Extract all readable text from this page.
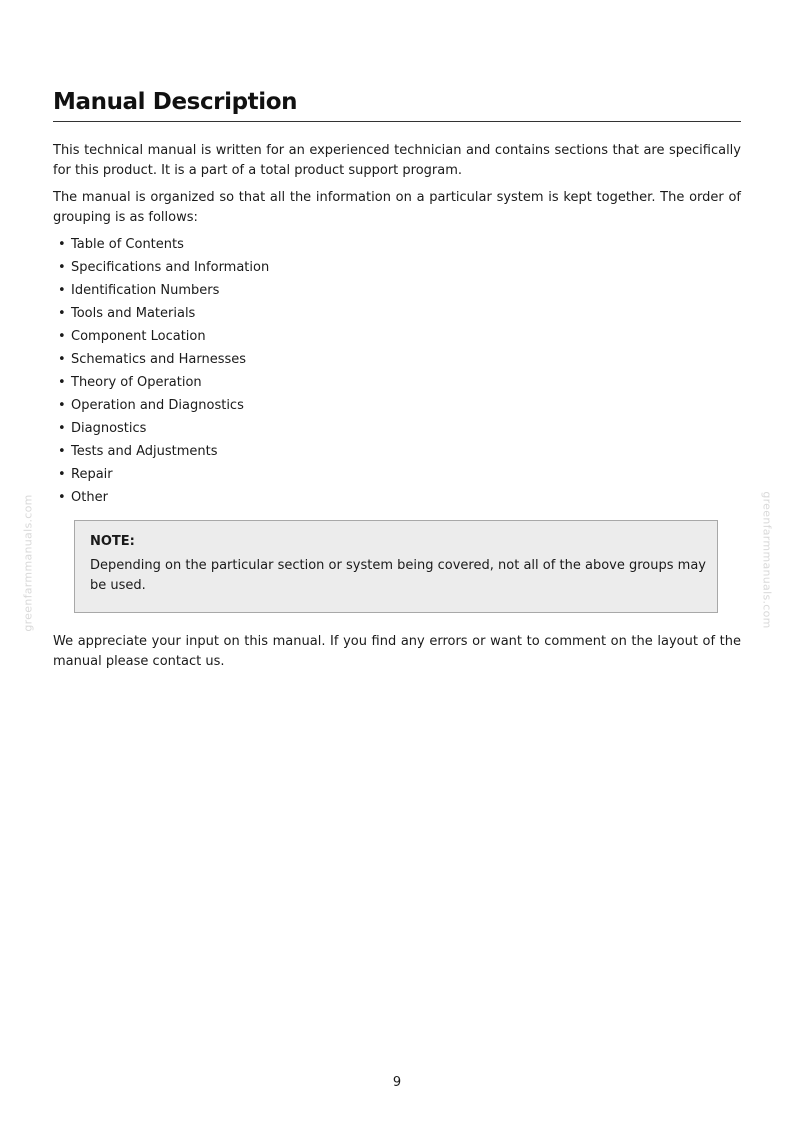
Manual Description

This technical manual is written for an experienced technician and contains sections that are specifically for this product. It is a part of a total product support program.

The manual is organized so that all the information on a particular system is kept together. The order of grouping is as follows:

• Table of Contents
• Specifications and Information
• Identification Numbers
• Tools and Materials
• Component Location
• Schematics and Harnesses
• Theory of Operation
• Operation and Diagnostics
• Diagnostics
• Tests and Adjustments
• Repair
• Other

NOTE:

Depending on the particular section or system being covered, not all of the above groups may be used.

We appreciate your input on this manual. If you find any errors or want to comment on the layout of the manual please contact us.

greenfarmmanuals.com	greenfarmmanuals.com
9
